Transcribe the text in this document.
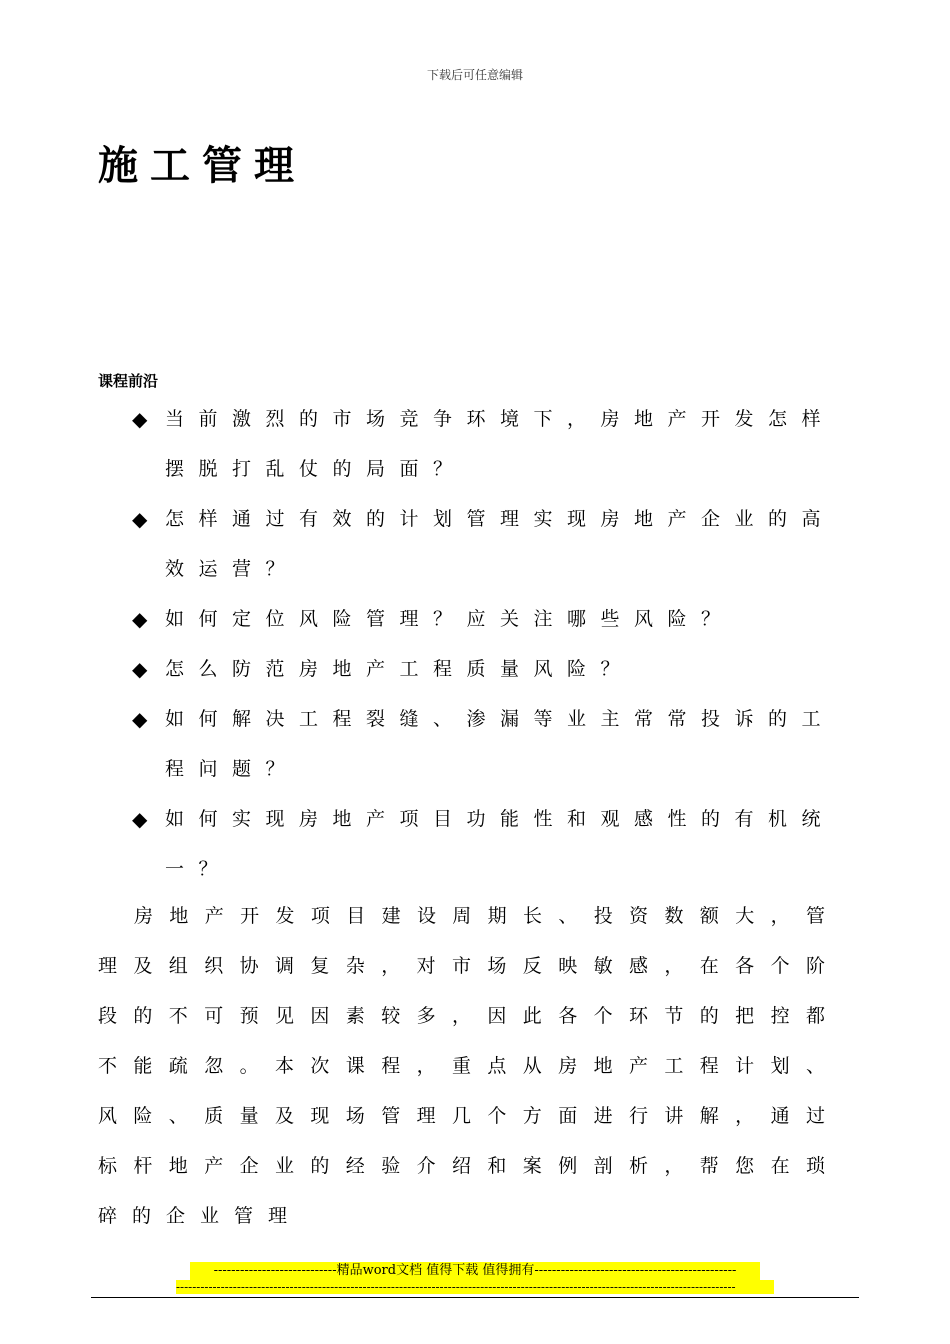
下载后可任意编辑
施工管理
课程前沿
◆ 当前激烈的市场竞争环境下，房地产开发怎样摆脱打乱仗的局面？
◆ 怎样通过有效的计划管理实现房地产企业的高效运营？
◆ 如何定位风险管理？应关注哪些风险？
◆ 怎么防范房地产工程质量风险？
◆ 如何解决工程裂缝、渗漏等业主常常投诉的工程问题？
◆ 如何实现房地产项目功能性和观感性的有机统一？

房地产开发项目建设周期长、投资数额大，管理及组织协调复杂，对市场反映敏感，在各个阶段的不可预见因素较多，因此各个环节的把控都不能疏忽。本次课程，重点从房地产工程计划、风险、质量及现场管理几个方面进行讲解，通过标杆地产企业的经验介绍和案例剖析，帮您在琐碎的企业管理

----------------------------精品word文档 值得下载 值得拥有----------------------------------------------
------------------------------------------------------------------------------------------------------------------------------------------
